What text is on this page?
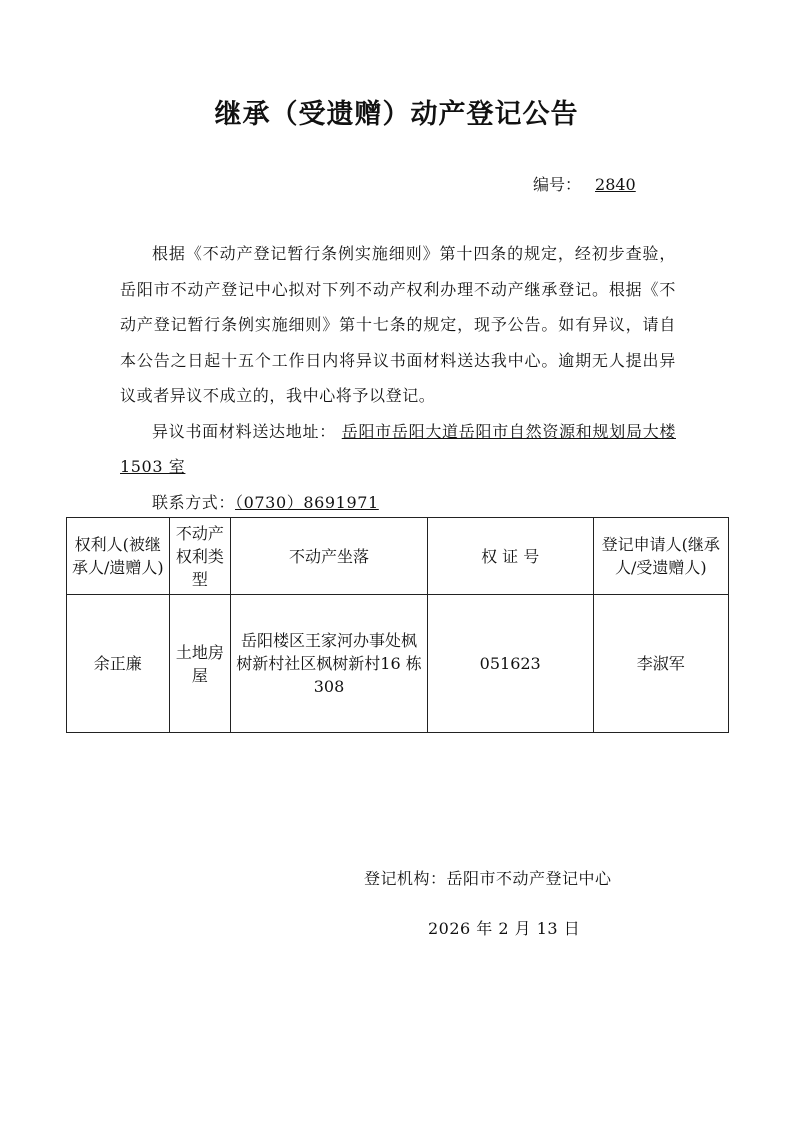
继承（受遗赠）动产登记公告
编号： 2840

根据《不动产登记暂行条例实施细则》第十四条的规定，经初步查验，岳阳市不动产登记中心拟对下列不动产权利办理不动产继承登记。根据《不动产登记暂行条例实施细则》第十七条的规定，现予公告。如有异议，请自本公告之日起十五个工作日内将异议书面材料送达我中心。逾期无人提出异议或者异议不成立的，我中心将予以登记。

异议书面材料送达地址： 岳阳市岳阳大道岳阳市自然资源和规划局大楼 1503 室

联系方式：（0730）8691971

权利人(被继承人/遗赠人)	不动产权利类型	不动产坐落	权 证 号	登记申请人(继承人/受遗赠人)
余正廉	土地房屋	岳阳楼区王家河办事处枫树新村社区枫树新村16 栋 308	051623	李淑军
登记机构：岳阳市不动产登记中心
2026 年 2 月 13 日
